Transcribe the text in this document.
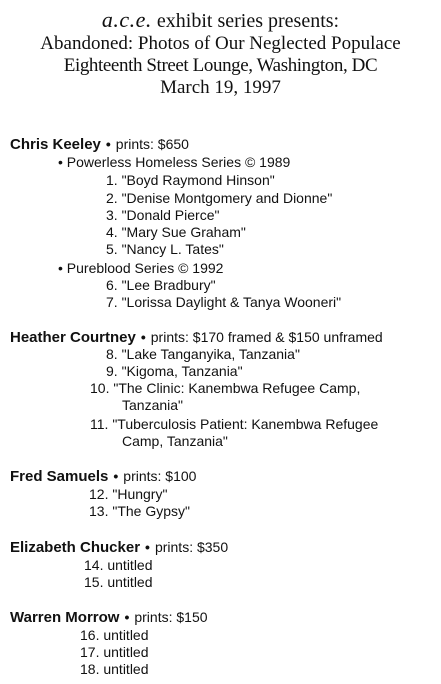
a.c.e. exhibit series presents:
Abandoned: Photos of Our Neglected Populace
Eighteenth Street Lounge, Washington, DC
March 19, 1997
Chris Keeley • prints: $650
• Powerless Homeless Series © 1989
1. "Boyd Raymond Hinson"
2. "Denise Montgomery and Dionne"
3. "Donald Pierce"
4. "Mary Sue Graham"
5. "Nancy L. Tates"
• Pureblood Series © 1992
6. "Lee Bradbury"
7. "Lorissa Daylight & Tanya Wooneri"
Heather Courtney • prints: $170 framed & $150 unframed
8. "Lake Tanganyika, Tanzania"
9. "Kigoma, Tanzania"
10. "The Clinic: Kanembwa Refugee Camp,
Tanzania"
11. "Tuberculosis Patient: Kanembwa Refugee
Camp, Tanzania"
Fred Samuels • prints: $100
12. "Hungry"
13. "The Gypsy"
Elizabeth Chucker • prints: $350
14. untitled
15. untitled
Warren Morrow • prints: $150
16. untitled
17. untitled
18. untitled
